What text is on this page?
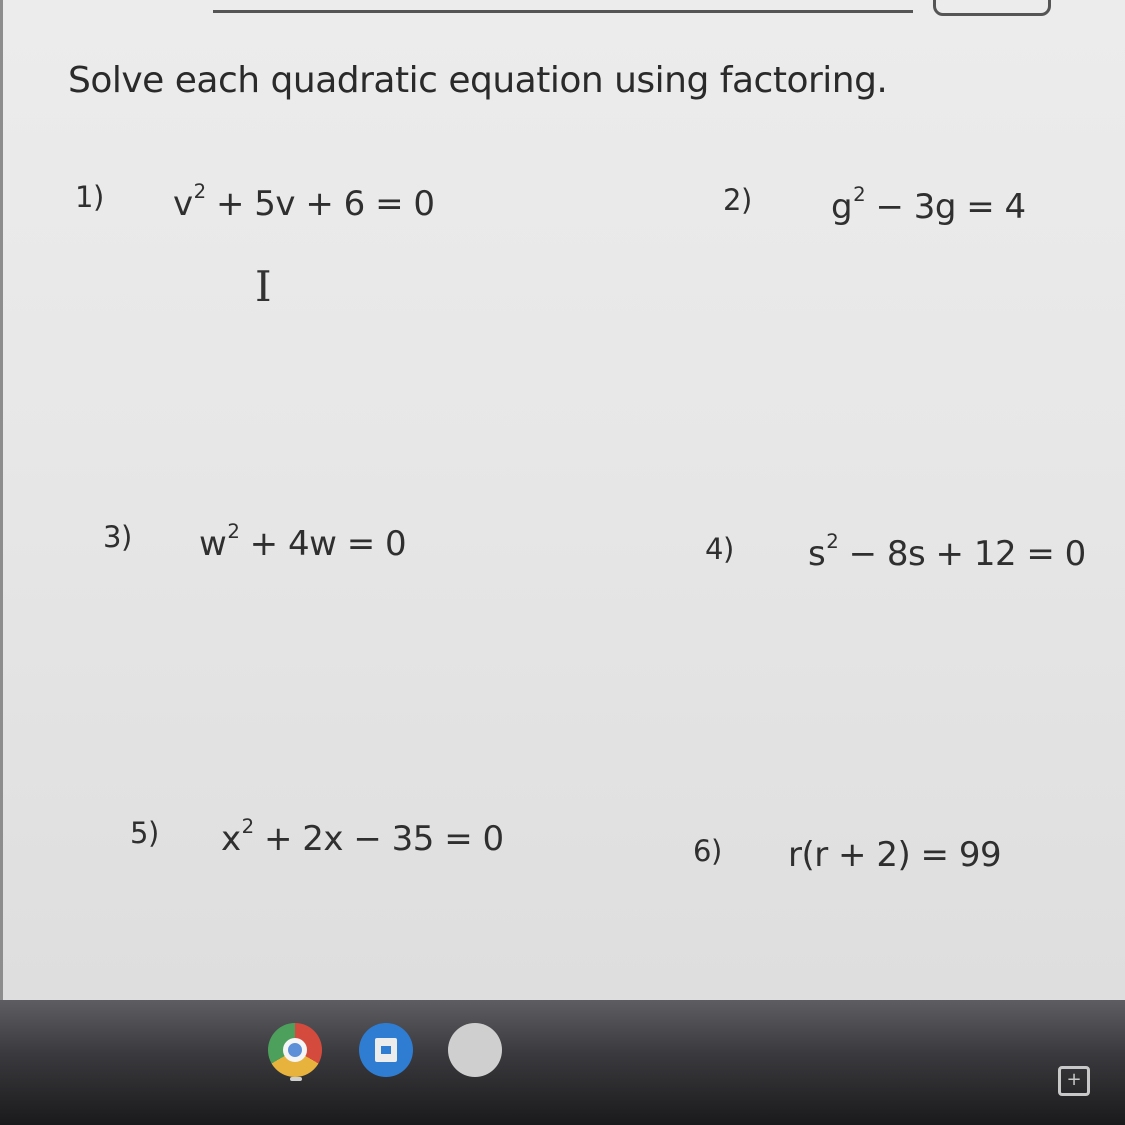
Solve each quadratic equation using factoring.
1) $v^2 + 5v + 6 = 0$	2) $g^2 - 3g = 4$
I
3) $w^2 + 4w = 0$	4) $s^2 - 8s + 12 = 0$
5) $x^2 + 2x - 35 = 0$	6) r(r + 2) = 99
+
